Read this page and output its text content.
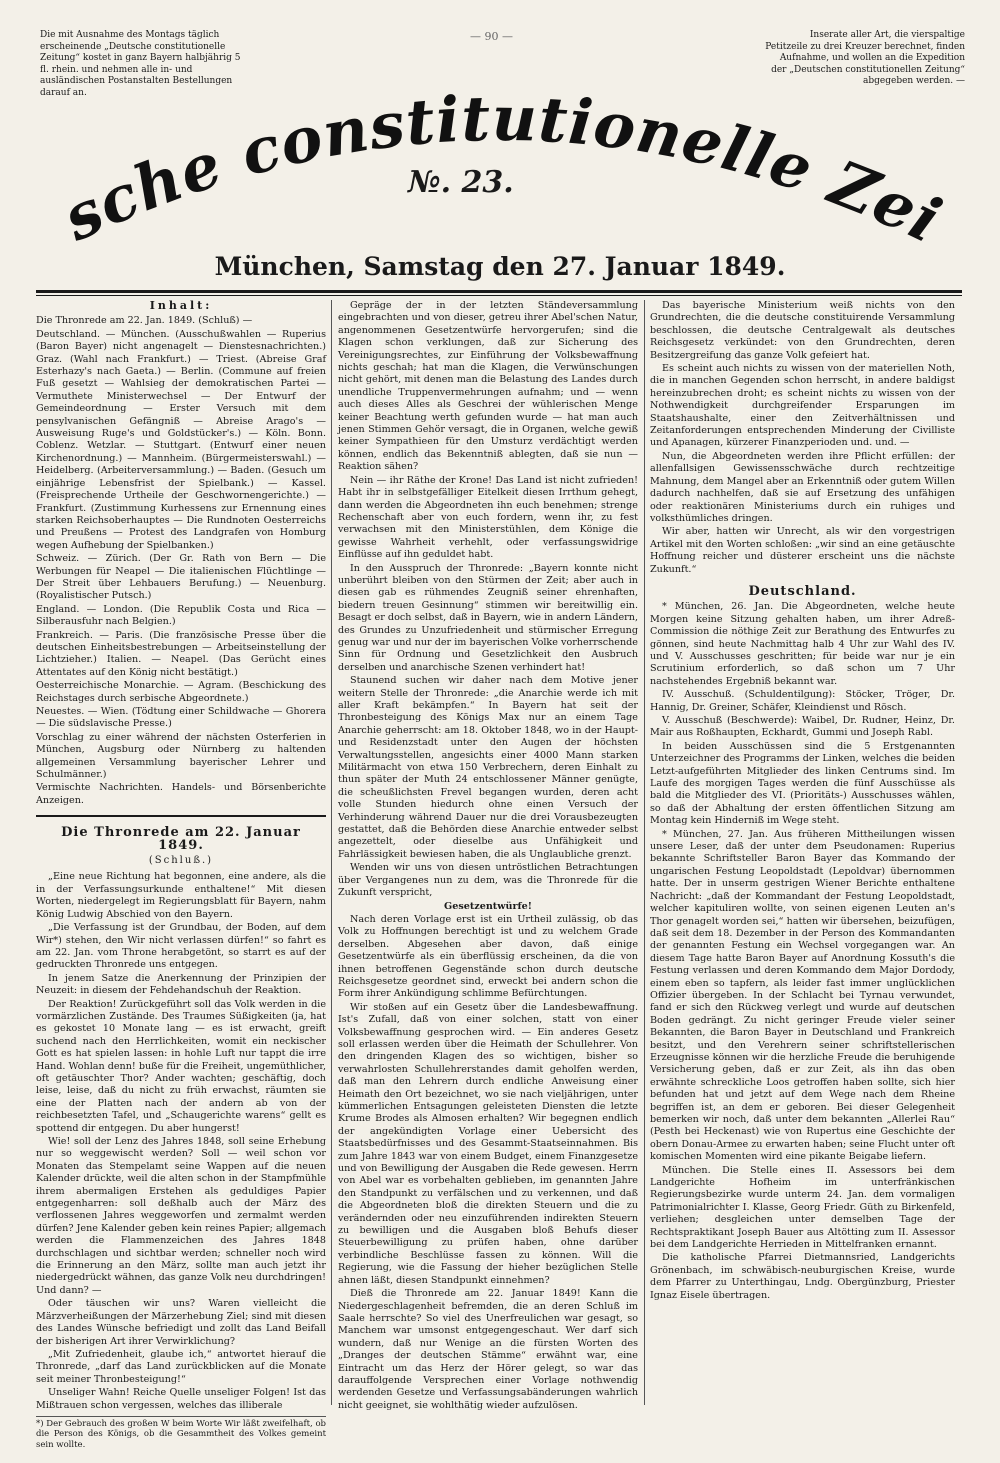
— 90 —
Die mit Ausnahme des Montags täglich erscheinende „Deutsche constitutionelle Zeitung“ kostet in ganz Bayern halbjährig 5 fl. rhein. und nehmen alle in- und ausländischen Postanstalten Bestellungen darauf an.
Inserate aller Art, die vierspaltige Petitzeile zu drei Kreuzer berechnet, finden Aufnahme, und wollen an die Expedition der „Deutschen constitutionellen Zeitung“ abgegeben werden. —
sche constitutionelle Zei
№. 23.
München, Samstag den 27. Januar 1849.
Inhalt:

Die Thronrede am 22. Jan. 1849. (Schluß) —

Deutschland. — München. (Ausschußwahlen — Ruperius (Baron Bayer) nicht angenagelt — Dienstesnachrichten.) Graz. (Wahl nach Frankfurt.) — Triest. (Abreise Graf Esterhazy's nach Gaeta.) — Berlin. (Commune auf freien Fuß gesetzt — Wahlsieg der demokratischen Partei — Vermuthete Ministerwechsel — Der Entwurf der Gemeindeordnung — Erster Versuch mit dem pensylvanischen Gefängniß — Abreise Arago's — Ausweisung Ruge's und Goldstücker's.) — Köln. Bonn. Coblenz. Wetzlar. — Stuttgart. (Entwurf einer neuen Kirchenordnung.) — Mannheim. (Bürgermeisterswahl.) — Heidelberg. (Arbeiterversammlung.) — Baden. (Gesuch um einjährige Lebensfrist der Spielbank.) — Kassel. (Freisprechende Urtheile der Geschwornengerichte.) — Frankfurt. (Zustimmung Kurhessens zur Ernennung eines starken Reichsoberhauptes — Die Rundnoten Oesterreichs und Preußens — Protest des Landgrafen von Homburg wegen Aufhebung der Spielbanken.)

Schweiz. — Zürich. (Der Gr. Rath von Bern — Die Werbungen für Neapel — Die italienischen Flüchtlinge — Der Streit über Lehbauers Berufung.) — Neuenburg. (Royalistischer Putsch.)

England. — London. (Die Republik Costa und Rica — Silberausfuhr nach Belgien.)

Frankreich. — Paris. (Die französische Presse über die deutschen Einheitsbestrebungen — Arbeitseinstellung der Lichtzieher.) Italien. — Neapel. (Das Gerücht eines Attentates auf den König nicht bestätigt.)

Oesterreichische Monarchie. — Agram. (Beschickung des Reichstages durch serbische Abgeordnete.)

Neuestes. — Wien. (Tödtung einer Schildwache — Ghorera — Die südslavische Presse.)

Vorschlag zu einer während der nächsten Osterferien in München, Augsburg oder Nürnberg zu haltenden allgemeinen Versammlung bayerischer Lehrer und Schulmänner.)

Vermischte Nachrichten. Handels- und Börsenberichte Anzeigen.

Die Thronrede am 22. Januar 1849.
(Schluß.)

„Eine neue Richtung hat begonnen, eine andere, als die in der Verfassungsurkunde enthaltene!“ Mit diesen Worten, niedergelegt im Regierungsblatt für Bayern, nahm König Ludwig Abschied von den Bayern.

„Die Verfassung ist der Grundbau, der Boden, auf dem Wir*) stehen, den Wir nicht verlassen dürfen!“ so fahrt es am 22. Jan. vom Throne herabgetönt, so starrt es auf der gedruckten Thronrede uns entgegen.

In jenem Satze die Anerkennung der Prinzipien der Neuzeit: in diesem der Fehdehandschuh der Reaktion.

Der Reaktion! Zurückgeführt soll das Volk werden in die vormärzlichen Zustände. Des Traumes Süßigkeiten (ja, hat es gekostet 10 Monate lang — es ist erwacht, greift suchend nach den Herrlichkeiten, womit ein neckischer Gott es hat spielen lassen: in hohle Luft nur tappt die irre Hand. Wohlan denn! buße für die Freiheit, ungemüthlicher, oft getäuschter Thor? Ander wachten; geschäftig, doch leise, leise, daß du nicht zu früh erwachst, räumten sie eine der Platten nach der andern ab von der reichbesetzten Tafel, und „Schaugerichte warens“ gellt es spottend dir entgegen. Du aber hungerst!

Wie! soll der Lenz des Jahres 1848, soll seine Erhebung nur so weggewischt werden? Soll — weil schon vor Monaten das Stempelamt seine Wappen auf die neuen Kalender drückte, weil die alten schon in der Stampfmühle ihrem abermaligen Erstehen als geduldiges Papier entgegenharren: soll deßhalb auch der März des verflossenen Jahres weggeworfen und zermalmt werden dürfen? Jene Kalender geben kein reines Papier; allgemach werden die Flammenzeichen des Jahres 1848 durchschlagen und sichtbar werden; schneller noch wird die Erinnerung an den März, sollte man auch jetzt ihr niedergedrückt wähnen, das ganze Volk neu durchdringen! Und dann? —

Oder täuschen wir uns? Waren vielleicht die Märzverheißungen der Märzerhebung Ziel; sind mit diesen des Landes Wünsche befriedigt und zollt das Land Beifall der bisherigen Art ihrer Verwirklichung?

„Mit Zufriedenheit, glaube ich,“ antwortet hierauf die Thronrede, „darf das Land zurückblicken auf die Monate seit meiner Thronbesteigung!“

Unseliger Wahn! Reiche Quelle unseliger Folgen! Ist das Mißtrauen schon vergessen, welches das illiberale

*) Der Gebrauch des großen W beim Worte Wir läßt zweifelhaft, ob die Person des Königs, ob die Gesammtheit des Volkes gemeint sein wollte.

Gepräge der in der letzten Ständeversammlung eingebrachten und von dieser, getreu ihrer Abel'schen Natur, angenommenen Gesetzentwürfe hervorgerufen; sind die Klagen schon verklungen, daß zur Sicherung des Vereinigungsrechtes, zur Einführung der Volksbewaffnung nichts geschah; hat man die Klagen, die Verwünschungen nicht gehört, mit denen man die Belastung des Landes durch unendliche Truppenvermehrungen aufnahm; und — wenn auch dieses Alles als Geschrei der wühlerischen Menge keiner Beachtung werth gefunden wurde — hat man auch jenen Stimmen Gehör versagt, die in Organen, welche gewiß keiner Sympathieen für den Umsturz verdächtigt werden können, endlich das Bekenntniß ablegten, daß sie nun — Reaktion sähen?

Nein — ihr Räthe der Krone! Das Land ist nicht zufrieden! Habt ihr in selbstgefälliger Eitelkeit diesen Irrthum gehegt, dann werden die Abgeordneten ihn euch benehmen; strenge Rechenschaft aber von euch fordern, wenn ihr, zu fest verwachsen mit den Ministerstühlen, dem Könige die gewisse Wahrheit verhehlt, oder verfassungswidrige Einflüsse auf ihn geduldet habt.

In den Ausspruch der Thronrede: „Bayern konnte nicht unberührt bleiben von den Stürmen der Zeit; aber auch in diesen gab es rühmendes Zeugniß seiner ehrenhaften, biedern treuen Gesinnung“ stimmen wir bereitwillig ein. Besagt er doch selbst, daß in Bayern, wie in andern Ländern, des Grundes zu Unzufriedenheit und stürmischer Erregung genug war und nur der im bayerischen Volke vorherrschende Sinn für Ordnung und Gesetzlichkeit den Ausbruch derselben und anarchische Szenen verhindert hat!

Staunend suchen wir daher nach dem Motive jener weitern Stelle der Thronrede: „die Anarchie werde ich mit aller Kraft bekämpfen.“ In Bayern hat seit der Thronbesteigung des Königs Max nur an einem Tage Anarchie geherrscht: am 18. Oktober 1848, wo in der Haupt- und Residenzstadt unter den Augen der höchsten Verwaltungsstellen, angesichts einer 4000 Mann starken Militärmacht von etwa 150 Verbrechern, deren Einhalt zu thun später der Muth 24 entschlossener Männer genügte, die scheußlichsten Frevel begangen wurden, deren acht volle Stunden hiedurch ohne einen Versuch der Verhinderung während Dauer nur die drei Vorausbezeugten gestattet, daß die Behörden diese Anarchie entweder selbst angezettelt, oder dieselbe aus Unfähigkeit und Fahrlässigkeit bewiesen haben, die als Unglaubliche grenzt.

Wenden wir uns von diesen untröstlichen Betrachtungen über Vergangenes nun zu dem, was die Thronrede für die Zukunft verspricht,

Gesetzentwürfe!

Nach deren Vorlage erst ist ein Urtheil zulässig, ob das Volk zu Hoffnungen berechtigt ist und zu welchem Grade derselben. Abgesehen aber davon, daß einige Gesetzentwürfe als ein überflüssig erscheinen, da die von ihnen betroffenen Gegenstände schon durch deutsche Reichsgesetze geordnet sind, erweckt bei andern schon die Form ihrer Ankündigung schlimme Befürchtungen.

Wir stoßen auf ein Gesetz über die Landesbewaffnung. Ist's Zufall, daß von einer solchen, statt von einer Volksbewaffnung gesprochen wird. — Ein anderes Gesetz soll erlassen werden über die Heimath der Schullehrer. Von den dringenden Klagen des so wichtigen, bisher so verwahrlosten Schullehrerstandes damit geholfen werden, daß man den Lehrern durch endliche Anweisung einer Heimath den Ort bezeichnet, wo sie nach vieljährigen, unter kümmerlichen Entsagungen geleisteten Diensten die letzte Krume Brodes als Almosen erhalten? Wir begegnen endlich der angekündigten Vorlage einer Uebersicht des Staatsbedürfnisses und des Gesammt-Staatseinnahmen. Bis zum Jahre 1843 war von einem Budget, einem Finanzgesetze und von Bewilligung der Ausgaben die Rede gewesen. Herrn von Abel war es vorbehalten geblieben, im genannten Jahre den Standpunkt zu verfälschen und zu verkennen, und daß die Abgeordneten bloß die direkten Steuern und die zu verändernden oder neu einzuführenden indirekten Steuern zu bewilligen und die Ausgaben bloß Behufs dieser Steuerbewilligung zu prüfen haben, ohne darüber verbindliche Beschlüsse fassen zu können. Will die Regierung, wie die Fassung der hieher bezüglichen Stelle ahnen läßt, diesen Standpunkt einnehmen?

Dieß die Thronrede am 22. Januar 1849! Kann die Niedergeschlagenheit befremden, die an deren Schluß im Saale herrschte? So viel des Unerfreulichen war gesagt, so Manchem war umsonst entgegengeschaut. Wer darf sich wundern, daß nur Wenige an die fürsten Worten des „Dranges der deutschen Stämme“ erwähnt war, eine Eintracht um das Herz der Hörer gelegt, so war das darauffolgende Versprechen einer Vorlage nothwendig werdenden Gesetze und Verfassungsabänderungen wahrlich nicht geeignet, sie wohlthätig wieder aufzulösen.

Das bayerische Ministerium weiß nichts von den Grundrechten, die die deutsche constituirende Versammlung beschlossen, die deutsche Centralgewalt als deutsches Reichsgesetz verkündet: von den Grundrechten, deren Besitzergreifung das ganze Volk gefeiert hat.

Es scheint auch nichts zu wissen von der materiellen Noth, die in manchen Gegenden schon herrscht, in andere baldigst hereinzubrechen droht; es scheint nichts zu wissen von der Nothwendigkeit durchgreifender Ersparungen im Staatshaushalte, einer den Zeitverhältnissen und Zeitanforderungen entsprechenden Minderung der Civilliste und Apanagen, kürzerer Finanzperioden und. und. —

Nun, die Abgeordneten werden ihre Pflicht erfüllen: der allenfallsigen Gewissensschwäche durch rechtzeitige Mahnung, dem Mangel aber an Erkenntniß oder gutem Willen dadurch nachhelfen, daß sie auf Ersetzung des unfähigen oder reaktionären Ministeriums durch ein ruhiges und volksthümliches dringen.

Wir aber, hatten wir Unrecht, als wir den vorgestrigen Artikel mit den Worten schloßen: „wir sind an eine getäuschte Hoffnung reicher und düsterer erscheint uns die nächste Zukunft.“

Deutschland.

* München, 26. Jan. Die Abgeordneten, welche heute Morgen keine Sitzung gehalten haben, um ihrer Adreß-Commission die nöthige Zeit zur Berathung des Entwurfes zu gönnen, sind heute Nachmittag halb 4 Uhr zur Wahl des IV. und V. Ausschusses geschritten; für beide war nur je ein Scrutinium erforderlich, so daß schon um 7 Uhr nachstehendes Ergebniß bekannt war.

IV. Ausschuß. (Schuldentilgung): Stöcker, Tröger, Dr. Hannig, Dr. Greiner, Schäfer, Kleindienst und Rösch.

V. Ausschuß (Beschwerde): Waibel, Dr. Rudner, Heinz, Dr. Mair aus Roßhaupten, Eckhardt, Gummi und Joseph Rabl.

In beiden Ausschüssen sind die 5 Erstgenannten Unterzeichner des Programms der Linken, welches die beiden Letzt-aufgeführten Mitglieder des linken Centrums sind. Im Laufe des morgigen Tages werden die fünf Ausschüsse als bald die Mitglieder des VI. (Prioritäts-) Ausschusses wählen, so daß der Abhaltung der ersten öffentlichen Sitzung am Montag kein Hinderniß im Wege steht.

* München, 27. Jan. Aus früheren Mittheilungen wissen unsere Leser, daß der unter dem Pseudonamen: Ruperius bekannte Schriftsteller Baron Bayer das Kommando der ungarischen Festung Leopoldstadt (Lepoldvar) übernommen hatte. Der in unserm gestrigen Wiener Berichte enthaltene Nachricht: „daß der Kommandant der Festung Leopoldstadt, welcher kapituliren wollte, von seinen eigenen Leuten an's Thor genagelt worden sei,“ hatten wir übersehen, beizufügen, daß seit dem 18. Dezember in der Person des Kommandanten der genannten Festung ein Wechsel vorgegangen war. An diesem Tage hatte Baron Bayer auf Anordnung Kossuth's die Festung verlassen und deren Kommando dem Major Dordody, einem eben so tapfern, als leider fast immer unglücklichen Offizier übergeben. In der Schlacht bei Tyrnau verwundet, fand er sich den Rückweg verlegt und wurde auf deutschen Boden gedrängt. Zu nicht geringer Freude vieler seiner Bekannten, die Baron Bayer in Deutschland und Frankreich besitzt, und den Verehrern seiner schriftstellerischen Erzeugnisse können wir die herzliche Freude die beruhigende Versicherung geben, daß er zur Zeit, als ihn das oben erwähnte schreckliche Loos getroffen haben sollte, sich hier befunden hat und jetzt auf dem Wege nach dem Rheine begriffen ist, an dem er geboren. Bei dieser Gelegenheit bemerken wir noch, daß unter dem bekannten „Allerlei Rau“ (Pesth bei Heckenast) wie von Rupertus eine Geschichte der obern Donau-Armee zu erwarten haben; seine Flucht unter oft komischen Momenten wird eine pikante Beigabe liefern.

München. Die Stelle eines II. Assessors bei dem Landgerichte Hofheim im unterfränkischen Regierungsbezirke wurde unterm 24. Jan. dem vormaligen Patrimonialrichter I. Klasse, Georg Friedr. Güth zu Birkenfeld, verliehen; desgleichen unter demselben Tage der Rechtspraktikant Joseph Bauer aus Altötting zum II. Assessor bei dem Landgerichte Herrieden in Mittelfranken ernannt.

Die katholische Pfarrei Dietmannsried, Landgerichts Grönenbach, im schwäbisch-neuburgischen Kreise, wurde dem Pfarrer zu Unterthingau, Lndg. Obergünzburg, Priester Ignaz Eisele übertragen.
